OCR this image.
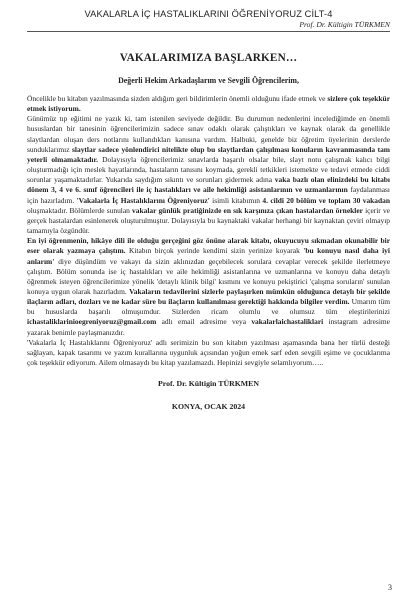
VAKALARLA İÇ HASTALIKLARINI ÖĞRENİYORUZ CİLT-4
Prof. Dr. Kültigin TÜRKMEN
VAKALARIMIZA BAŞLARKEN…
Değerli Hekim Arkadaşlarım ve Sevgili Öğrencilerim,

Öncelikle bu kitabın yazılmasında sizden aldığım geri bildirimlerin önemli olduğunu ifade etmek ve sizlere çok teşekkür etmek istiyorum.

Günümüz tıp eğitimi ne yazık ki, tam istenilen seviyede değildir. Bu durumun nedenlerini incelediğimde en önemli hususlardan bir tanesinin öğrencilerimizin sadece sınav odaklı olarak çalıştıkları ve kaynak olarak da genellikle slaytlardan oluşan ders notlarını kullandıkları kanısına vardım. Halbuki, genelde biz öğretim üyelerinin derslerde sunduklarımız slaytlar sadece yönlendirici nitelikte olup bu slaytlardan çalışılması konuların kavranmasında tam yeterli olmamaktadır. Dolayısıyla öğrencilerimiz sınavlarda başarılı olsalar bile, slayt notu çalışmak kalıcı bilgi oluşturmadığı için meslek hayatlarında, hastaların tanısını koymada, gerekli tetkikleri istemekte ve tedavi etmede ciddi sorunlar yaşamaktadırlar. Yukarıda saydığım sıkıntı ve sorunları gidermek adına vaka bazlı olan elinizdeki bu kitabı dönem 3, 4 ve 6. sınıf öğrencileri ile iç hastalıkları ve aile hekimliği asistanlarının ve uzmanlarının faydalanması için hazırladım. 'Vakalarla İç Hastalıklarını Öğreniyoruz' isimli kitabımın 4. cildi 20 bölüm ve toplam 30 vakadan oluşmaktadır. Bölümlerde sunulan vakalar günlük pratiğinizde en sık karşınıza çıkan hastalardan örnekler içerir ve gerçek hastalardan esinlenerek oluşturulmuştur. Dolayısıyla bu kaynaktaki vakalar herhangi bir kaynaktan çeviri olmayıp tamamıyla özgündür.

En iyi öğrenmenin, hikâye dili ile olduğu gerçeğini göz önüne alarak kitabı, okuyucuyu sıkmadan okunabilir bir eser olarak yazmaya çalıştım. Kitabın birçok yerinde kendimi sizin yerinize koyarak 'bu konuyu nasıl daha iyi anlarım' diye düşündüm ve vakayı da sizin aklınızdan geçebilecek sorulara cevaplar verecek şekilde ilerletmeye çalıştım. Bölüm sonunda ise iç hastalıkları ve aile hekimliği asistanlarına ve uzmanlarına ve konuyu daha detaylı öğrenmek isteyen öğrencilerimize yönelik 'detaylı klinik bilgi' kısmını ve konuyu pekiştirici 'çalışma soruların' sunulan konuya uygun olarak hazırladım. Vakaların tedavilerini sizlerle paylaşırken mümkün olduğunca detaylı bir şekilde ilaçların adları, dozları ve ne kadar süre bu ilaçların kullanılması gerektiği hakkında bilgiler verdim. Umarım tüm bu hususlarda başarılı olmuşumdur. Sizlerden ricam olumlu ve olumsuz tüm eleştirilerinizi ichastaliklarinioegreniyoruz@gmail.com adlı email adresime veya vakalarlaichastaliklari instagram adresime yazarak benimle paylaşmanızdır.

'Vakalarla İç Hastalıklarını Öğreniyoruz' adlı serimizin bu son kitabın yazılması aşamasında bana her türlü desteği sağlayan, kapak tasarımı ve yazım kurallarına uygunluk açısından yoğun emek sarf eden sevgili eşime ve çocuklarıma çok teşekkür ediyorum. Ailem olmasaydı bu kitap yazılamazdı. Hepinizi sevgiyle selamlıyorum…..

Prof. Dr. Kültigin TÜRKMEN
KONYA, OCAK 2024
3
